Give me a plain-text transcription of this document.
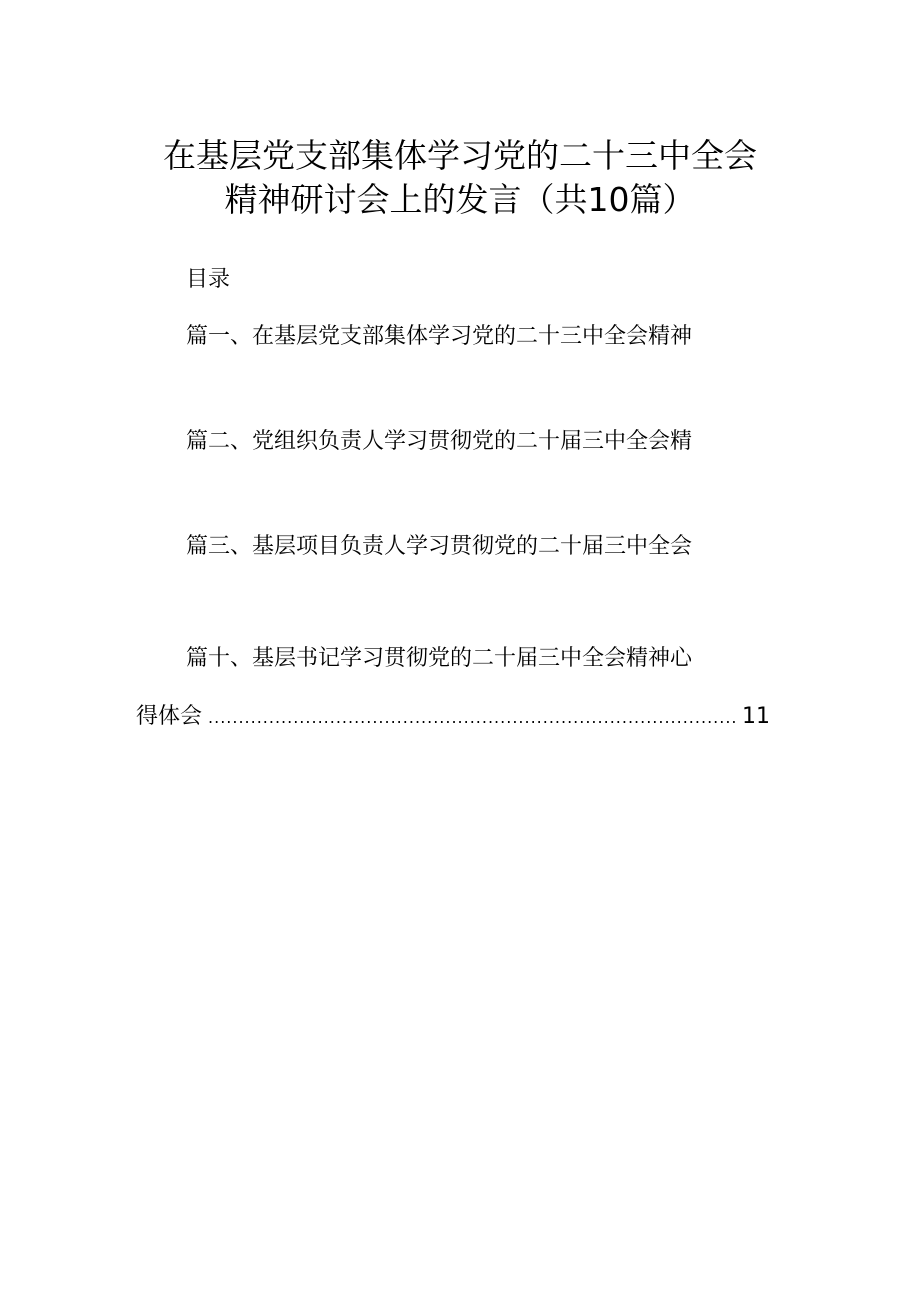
在基层党支部集体学习党的二十三中全会
精神研讨会上的发言（共10篇）
目录
篇一、在基层党支部集体学习党的二十三中全会精神
篇二、党组织负责人学习贯彻党的二十届三中全会精
篇三、基层项目负责人学习贯彻党的二十届三中全会
篇十、基层书记学习贯彻党的二十届三中全会精神心
得体会
.....	11
